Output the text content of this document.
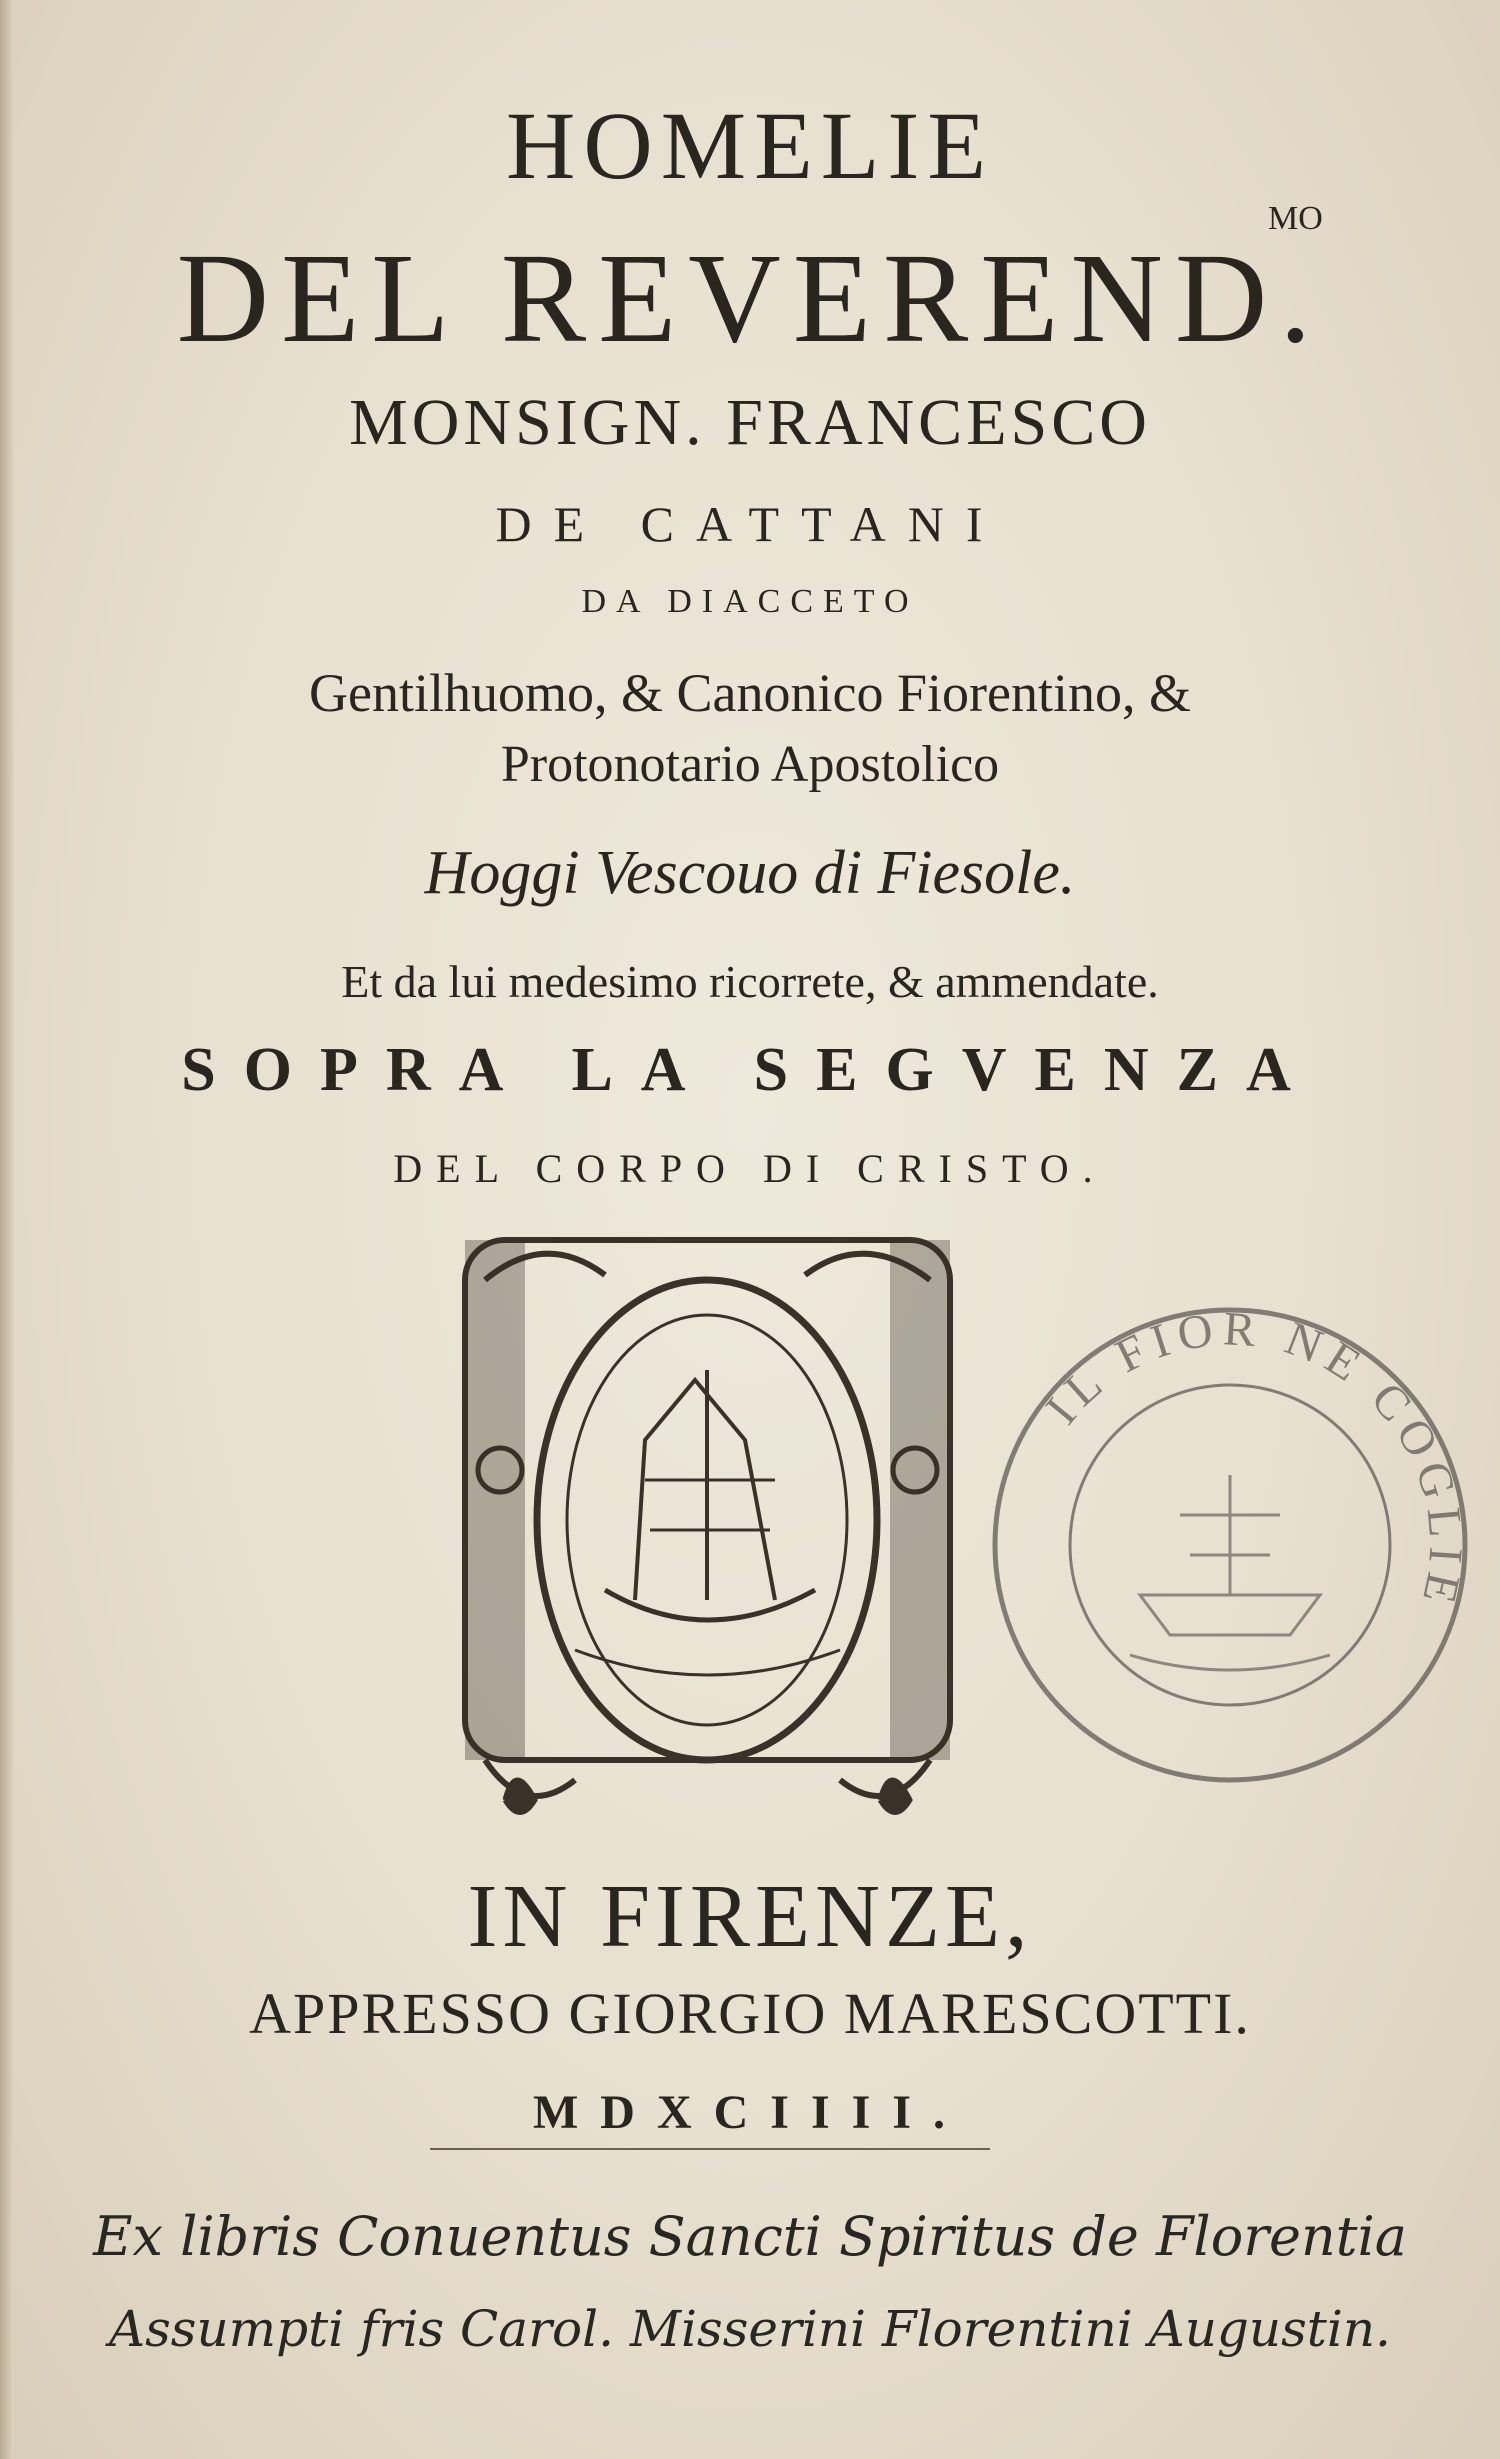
HOMELIE
DEL REVEREND.
MO
MONSIGN. FRANCESCO
DE CATTANI
DA DIACCETO
Gentilhuomo, & Canonico Fiorentino, &
Protonotario Apostolico
Hoggi Vescouo di Fiesole.
Et da lui medesimo ricorrete, & ammendate.
SOPRA LA SEGVENZA
DEL CORPO DI CRISTO.
IL FIOR NE COGLIE
IN FIRENZE,
APPRESSO GIORGIO MARESCOTTI.
MDXCIIII.
Ex libris Conuentus Sancti Spiritus de Florentia
Assumpti fris Carol. Misserini Florentini Augustin.
